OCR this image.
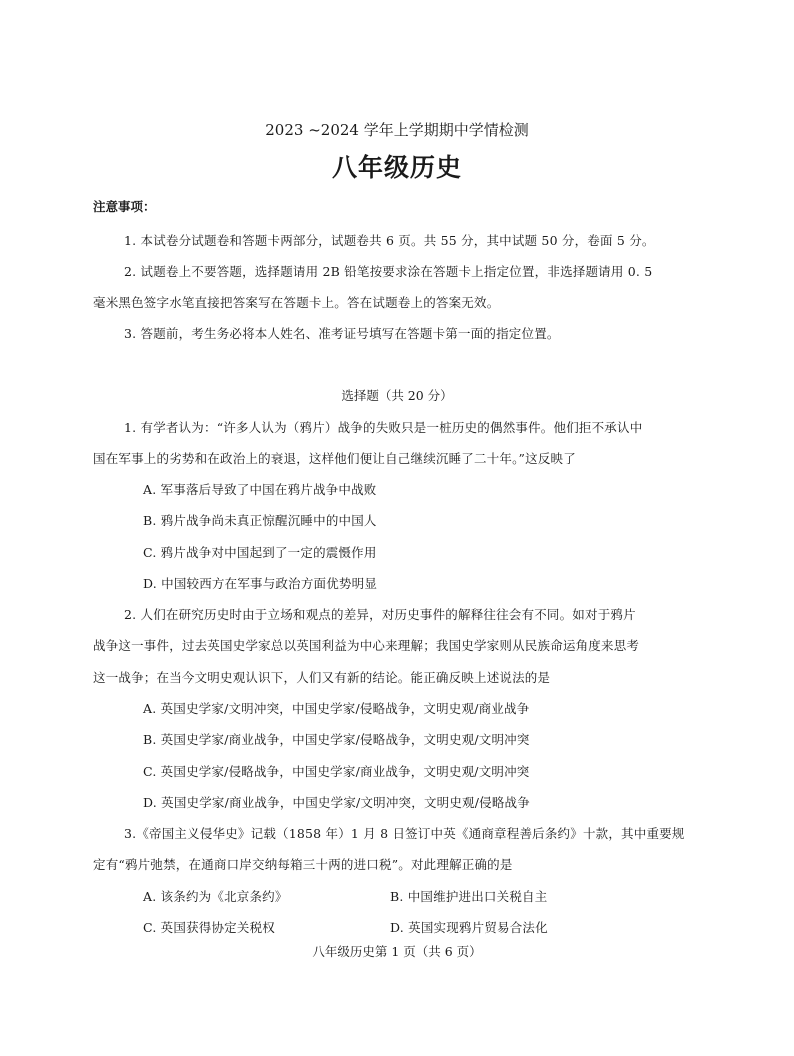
2023 ~2024 学年上学期期中学情检测
八年级历史
注意事项：
1. 本试卷分试题卷和答题卡两部分，试题卷共 6 页。共 55 分，其中试题 50 分，卷面 5 分。
2. 试题卷上不要答题，选择题请用 2B 铅笔按要求涂在答题卡上指定位置，非选择题请用 0. 5
毫米黑色签字水笔直接把答案写在答题卡上。答在试题卷上的答案无效。
3. 答题前，考生务必将本人姓名、准考证号填写在答题卡第一面的指定位置。
选择题（共 20 分）
1. 有学者认为：“许多人认为（鸦片）战争的失败只是一桩历史的偶然事件。他们拒不承认中
国在军事上的劣势和在政治上的衰退，这样他们便让自己继续沉睡了二十年。”这反映了
A. 军事落后导致了中国在鸦片战争中战败
B. 鸦片战争尚未真正惊醒沉睡中的中国人
C. 鸦片战争对中国起到了一定的震慑作用
D. 中国较西方在军事与政治方面优势明显
2. 人们在研究历史时由于立场和观点的差异，对历史事件的解释往往会有不同。如对于鸦片
战争这一事件，过去英国史学家总以英国利益为中心来理解；我国史学家则从民族命运角度来思考
这一战争；在当今文明史观认识下，人们又有新的结论。能正确反映上述说法的是
A. 英国史学家/文明冲突，中国史学家/侵略战争，文明史观/商业战争
B. 英国史学家/商业战争，中国史学家/侵略战争，文明史观/文明冲突
C. 英国史学家/侵略战争，中国史学家/商业战争，文明史观/文明冲突
D. 英国史学家/商业战争，中国史学家/文明冲突，文明史观/侵略战争
3.《帝国主义侵华史》记载（1858 年）1 月 8 日签订中英《通商章程善后条约》十款，其中重要规
定有“鸦片弛禁，在通商口岸交纳每箱三十两的进口税”。对此理解正确的是
A. 该条约为《北京条约》	B. 中国维护进出口关税自主
C. 英国获得协定关税权	D. 英国实现鸦片贸易合法化
八年级历史第 1 页（共 6 页）
